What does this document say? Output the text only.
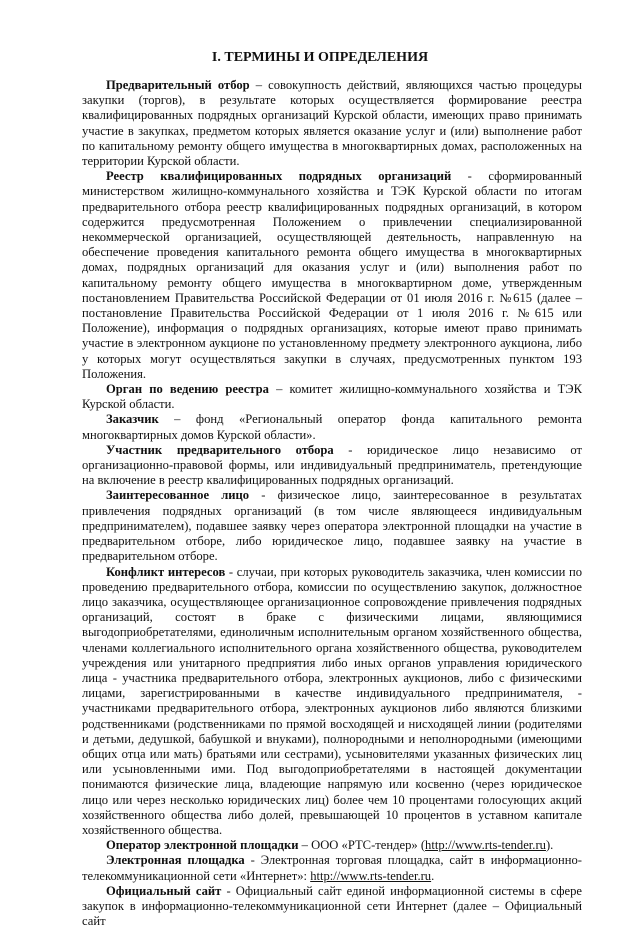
I. ТЕРМИНЫ И ОПРЕДЕЛЕНИЯ

Предварительный отбор – совокупность действий, являющихся частью процедуры закупки (торгов), в результате которых осуществляется формирование реестра квалифицированных подрядных организаций Курской области, имеющих право принимать участие в закупках, предметом которых является оказание услуг и (или) выполнение работ по капитальному ремонту общего имущества в многоквартирных домах, расположенных на территории Курской области.

Реестр квалифицированных подрядных организаций - сформированный министерством жилищно-коммунального хозяйства и ТЭК Курской области по итогам предварительного отбора реестр квалифицированных подрядных организаций, в котором содержится предусмотренная Положением о привлечении специализированной некоммерческой организацией, осуществляющей деятельность, направленную на обеспечение проведения капитального ремонта общего имущества в многоквартирных домах, подрядных организаций для оказания услуг и (или) выполнения работ по капитальному ремонту общего имущества в многоквартирном доме, утвержденным постановлением Правительства Российской Федерации от 01 июля 2016 г. №615 (далее – постановление Правительства Российской Федерации от 1 июля 2016 г. №615 или Положение), информация о подрядных организациях, которые имеют право принимать участие в электронном аукционе по установленному предмету электронного аукциона, либо у которых могут осуществляться закупки в случаях, предусмотренных пунктом 193 Положения.

Орган по ведению реестра – комитет жилищно-коммунального хозяйства и ТЭК Курской области.

Заказчик – фонд «Региональный оператор фонда капитального ремонта многоквартирных домов Курской области».

Участник предварительного отбора - юридическое лицо независимо от организационно-правовой формы, или индивидуальный предприниматель, претендующие на включение в реестр квалифицированных подрядных организаций.

Заинтересованное лицо - физическое лицо, заинтересованное в результатах привлечения подрядных организаций (в том числе являющееся индивидуальным предпринимателем), подавшее заявку через оператора электронной площадки на участие в предварительном отборе, либо юридическое лицо, подавшее заявку на участие в предварительном отборе.

Конфликт интересов - случаи, при которых руководитель заказчика, член комиссии по проведению предварительного отбора, комиссии по осуществлению закупок, должностное лицо заказчика, осуществляющее организационное сопровождение привлечения подрядных организаций, состоят в браке с физическими лицами, являющимися выгодоприобретателями, единоличным исполнительным органом хозяйственного общества, членами коллегиального исполнительного органа хозяйственного общества, руководителем учреждения или унитарного предприятия либо иных органов управления юридического лица - участника предварительного отбора, электронных аукционов, либо с физическими лицами, зарегистрированными в качестве индивидуального предпринимателя, - участниками предварительного отбора, электронных аукционов либо являются близкими родственниками (родственниками по прямой восходящей и нисходящей линии (родителями и детьми, дедушкой, бабушкой и внуками), полнородными и неполнородными (имеющими общих отца или мать) братьями или сестрами), усыновителями указанных физических лиц или усыновленными ими. Под выгодоприобретателями в настоящей документации понимаются физические лица, владеющие напрямую или косвенно (через юридическое лицо или через несколько юридических лиц) более чем 10 процентами голосующих акций хозяйственного общества либо долей, превышающей 10 процентов в уставном капитале хозяйственного общества.

Оператор электронной площадки – ООО «РТС-тендер» (http://www.rts-tender.ru).

Электронная площадка - Электронная торговая площадка, сайт в информационно-телекоммуникационной сети «Интернет»: http://www.rts-tender.ru.

Официальный сайт - Официальный сайт единой информационной системы в сфере закупок в информационно-телекоммуникационной сети Интернет (далее – Официальный сайт
